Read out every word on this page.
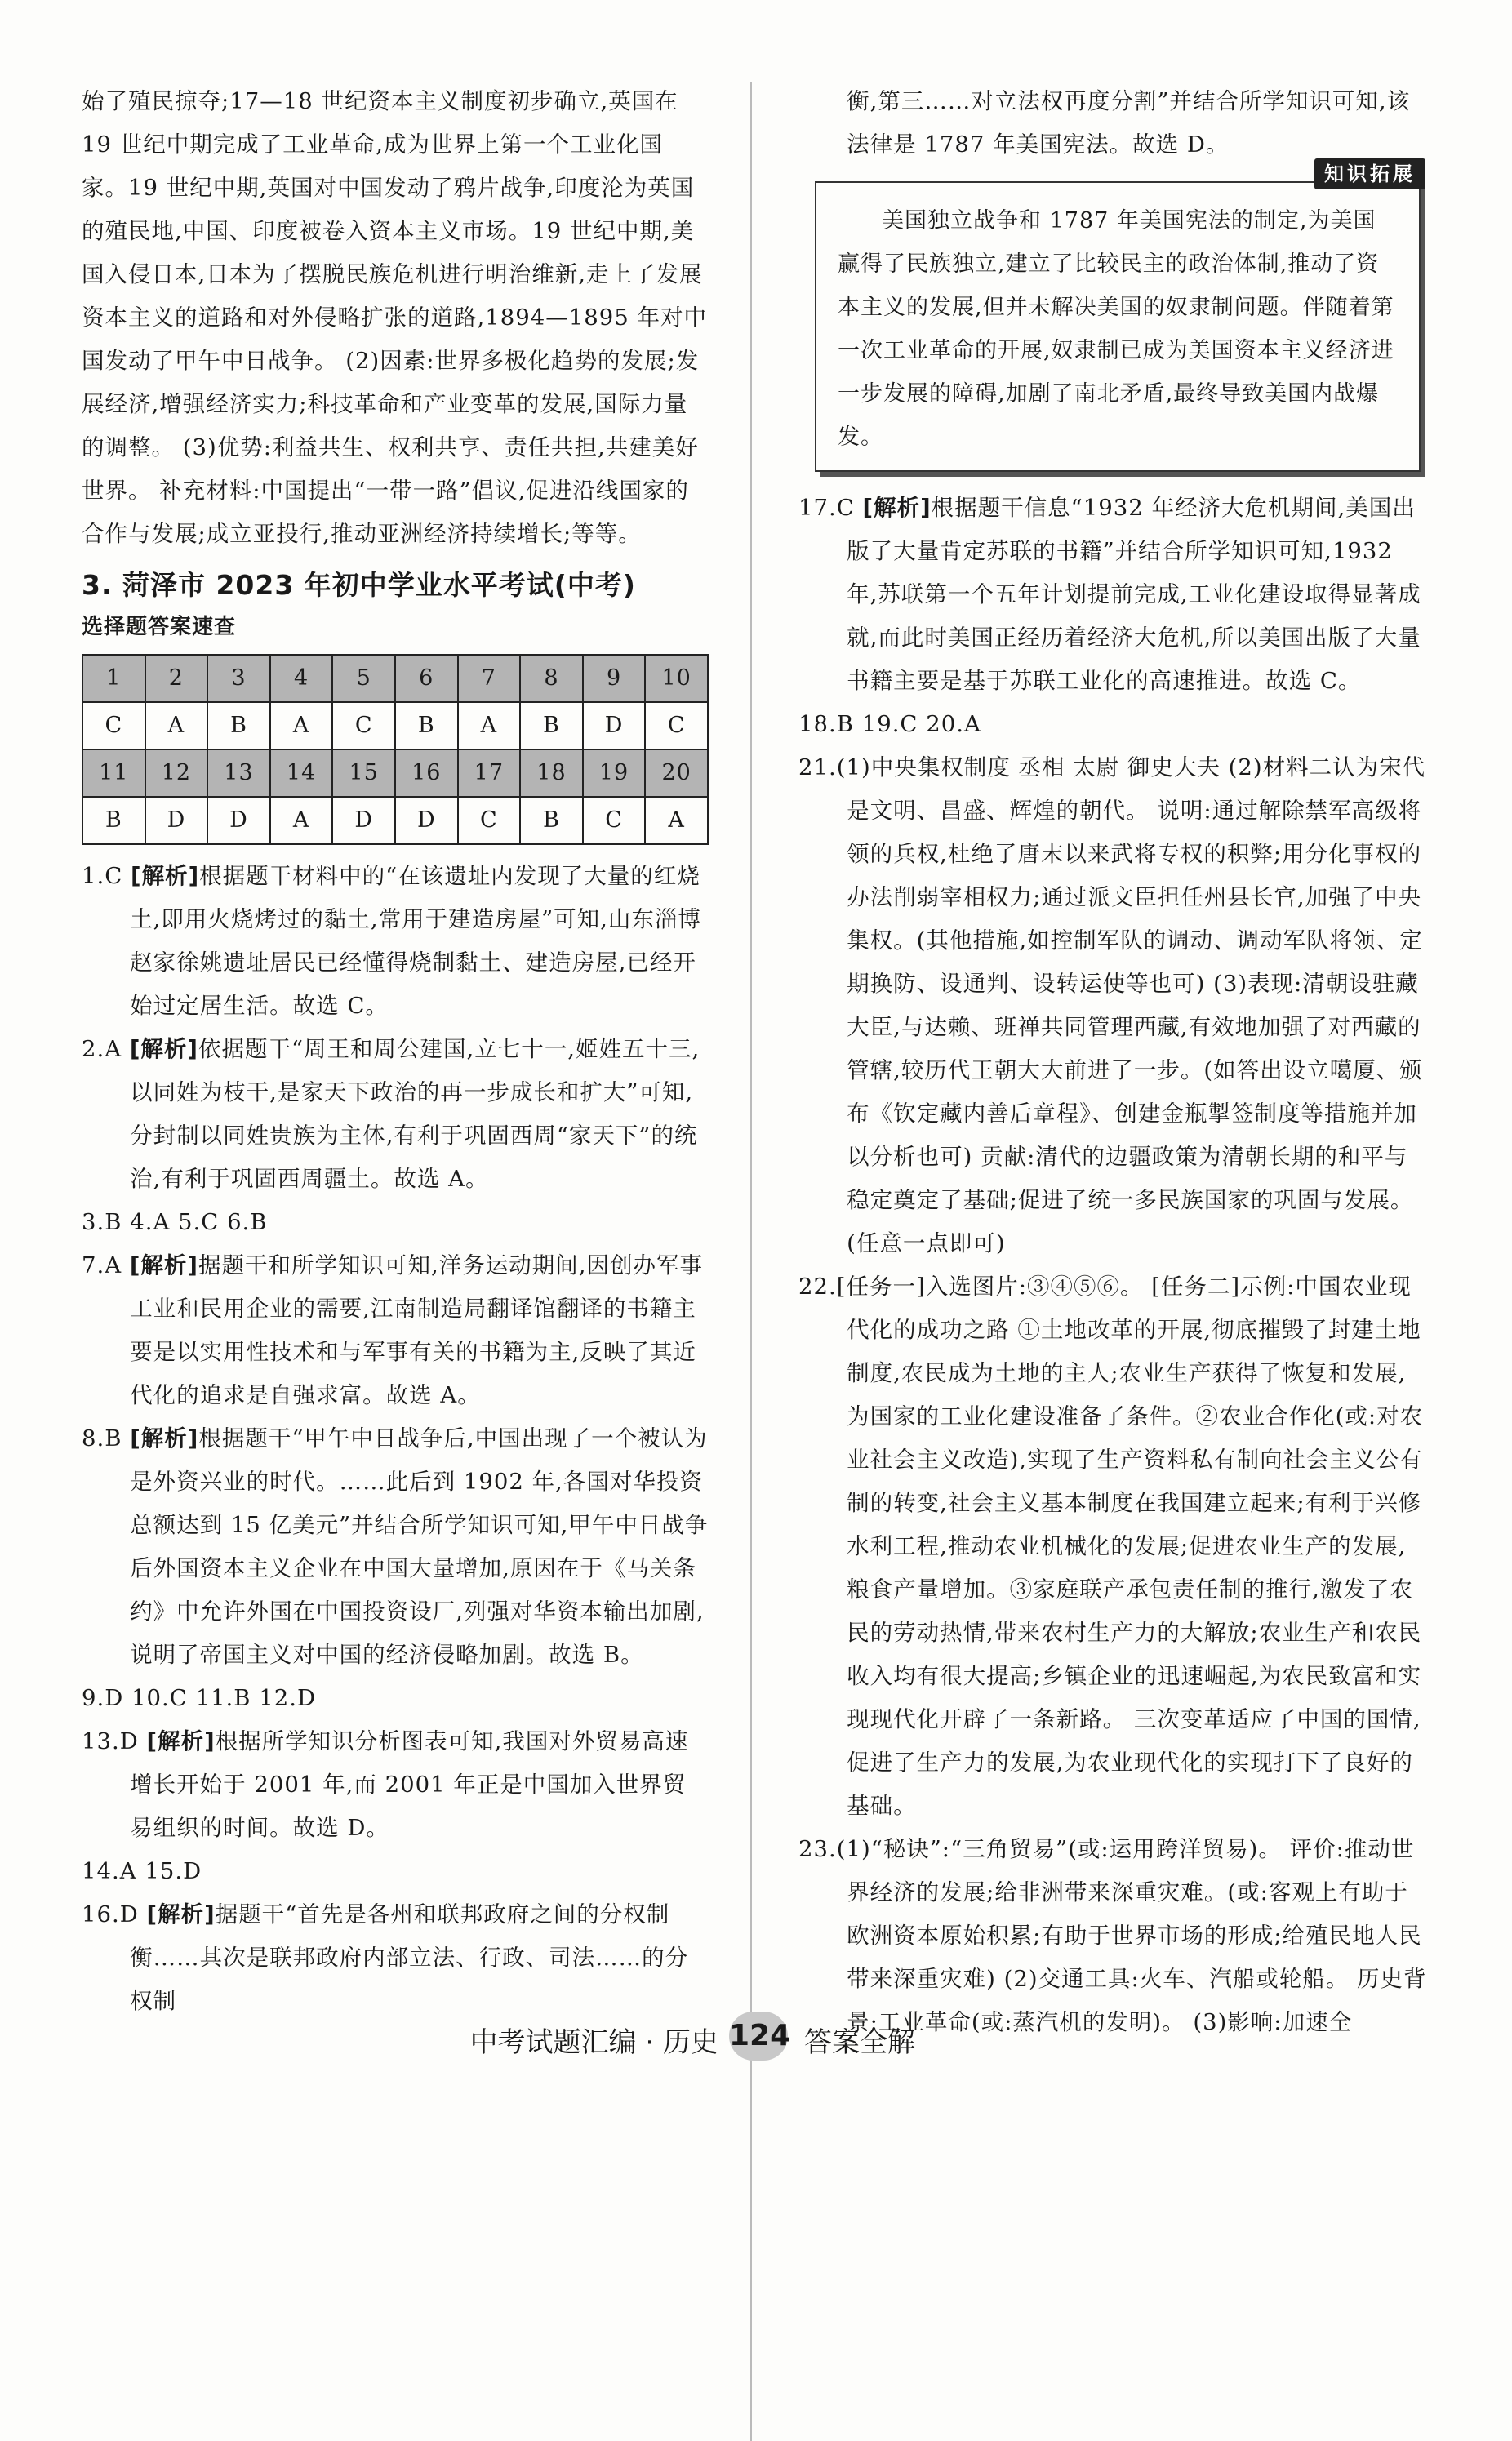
始了殖民掠夺;17—18 世纪资本主义制度初步确立,英国在 19 世纪中期完成了工业革命,成为世界上第一个工业化国家。19 世纪中期,英国对中国发动了鸦片战争,印度沦为英国的殖民地,中国、印度被卷入资本主义市场。19 世纪中期,美国入侵日本,日本为了摆脱民族危机进行明治维新,走上了发展资本主义的道路和对外侵略扩张的道路,1894—1895 年对中国发动了甲午中日战争。 (2)因素:世界多极化趋势的发展;发展经济,增强经济实力;科技革命和产业变革的发展,国际力量的调整。 (3)优势:利益共生、权利共享、责任共担,共建美好世界。 补充材料:中国提出“一带一路”倡议,促进沿线国家的合作与发展;成立亚投行,推动亚洲经济持续增长;等等。

3. 菏泽市 2023 年初中学业水平考试(中考)
选择题答案速查
1	2	3	4	5	6	7	8	9	10
C	A	B	A	C	B	A	B	D	C
11	12	13	14	15	16	17	18	19	20
B	D	D	A	D	D	C	B	C	A

1.C [解析]根据题干材料中的“在该遗址内发现了大量的红烧土,即用火烧烤过的黏土,常用于建造房屋”可知,山东淄博赵家徐姚遗址居民已经懂得烧制黏土、建造房屋,已经开始过定居生活。故选 C。

2.A [解析]依据题干“周王和周公建国,立七十一,姬姓五十三,以同姓为枝干,是家天下政治的再一步成长和扩大”可知,分封制以同姓贵族为主体,有利于巩固西周“家天下”的统治,有利于巩固西周疆土。故选 A。

3.B 4.A 5.C 6.B

7.A [解析]据题干和所学知识可知,洋务运动期间,因创办军事工业和民用企业的需要,江南制造局翻译馆翻译的书籍主要是以实用性技术和与军事有关的书籍为主,反映了其近代化的追求是自强求富。故选 A。

8.B [解析]根据题干“甲午中日战争后,中国出现了一个被认为是外资兴业的时代。……此后到 1902 年,各国对华投资总额达到 15 亿美元”并结合所学知识可知,甲午中日战争后外国资本主义企业在中国大量增加,原因在于《马关条约》中允许外国在中国投资设厂,列强对华资本输出加剧,说明了帝国主义对中国的经济侵略加剧。故选 B。

9.D 10.C 11.B 12.D

13.D [解析]根据所学知识分析图表可知,我国对外贸易高速增长开始于 2001 年,而 2001 年正是中国加入世界贸易组织的时间。故选 D。

14.A 15.D

16.D [解析]据题干“首先是各州和联邦政府之间的分权制衡……其次是联邦政府内部立法、行政、司法……的分权制

衡,第三……对立法权再度分割”并结合所学知识可知,该法律是 1787 年美国宪法。故选 D。

知识拓展

美国独立战争和 1787 年美国宪法的制定,为美国赢得了民族独立,建立了比较民主的政治体制,推动了资本主义的发展,但并未解决美国的奴隶制问题。伴随着第一次工业革命的开展,奴隶制已成为美国资本主义经济进一步发展的障碍,加剧了南北矛盾,最终导致美国内战爆发。

17.C [解析]根据题干信息“1932 年经济大危机期间,美国出版了大量肯定苏联的书籍”并结合所学知识可知,1932 年,苏联第一个五年计划提前完成,工业化建设取得显著成就,而此时美国正经历着经济大危机,所以美国出版了大量书籍主要是基于苏联工业化的高速推进。故选 C。

18.B 19.C 20.A

21.(1)中央集权制度 丞相 太尉 御史大夫 (2)材料二认为宋代是文明、昌盛、辉煌的朝代。 说明:通过解除禁军高级将领的兵权,杜绝了唐末以来武将专权的积弊;用分化事权的办法削弱宰相权力;通过派文臣担任州县长官,加强了中央集权。(其他措施,如控制军队的调动、调动军队将领、定期换防、设通判、设转运使等也可) (3)表现:清朝设驻藏大臣,与达赖、班禅共同管理西藏,有效地加强了对西藏的管辖,较历代王朝大大前进了一步。(如答出设立噶厦、颁布《钦定藏内善后章程》、创建金瓶掣签制度等措施并加以分析也可) 贡献:清代的边疆政策为清朝长期的和平与稳定奠定了基础;促进了统一多民族国家的巩固与发展。(任意一点即可)

22.[任务一]入选图片:③④⑤⑥。 [任务二]示例:中国农业现代化的成功之路 ①土地改革的开展,彻底摧毁了封建土地制度,农民成为土地的主人;农业生产获得了恢复和发展,为国家的工业化建设准备了条件。②农业合作化(或:对农业社会主义改造),实现了生产资料私有制向社会主义公有制的转变,社会主义基本制度在我国建立起来;有利于兴修水利工程,推动农业机械化的发展;促进农业生产的发展,粮食产量增加。③家庭联产承包责任制的推行,激发了农民的劳动热情,带来农村生产力的大解放;农业生产和农民收入均有很大提高;乡镇企业的迅速崛起,为农民致富和实现现代化开辟了一条新路。 三次变革适应了中国的国情,促进了生产力的发展,为农业现代化的实现打下了良好的基础。

23.(1)“秘诀”:“三角贸易”(或:运用跨洋贸易)。 评价:推动世界经济的发展;给非洲带来深重灾难。(或:客观上有助于欧洲资本原始积累;有助于世界市场的形成;给殖民地人民带来深重灾难) (2)交通工具:火车、汽船或轮船。 历史背景:工业革命(或:蒸汽机的发明)。 (3)影响:加速全

中考试题汇编 · 历史 124 答案全解
